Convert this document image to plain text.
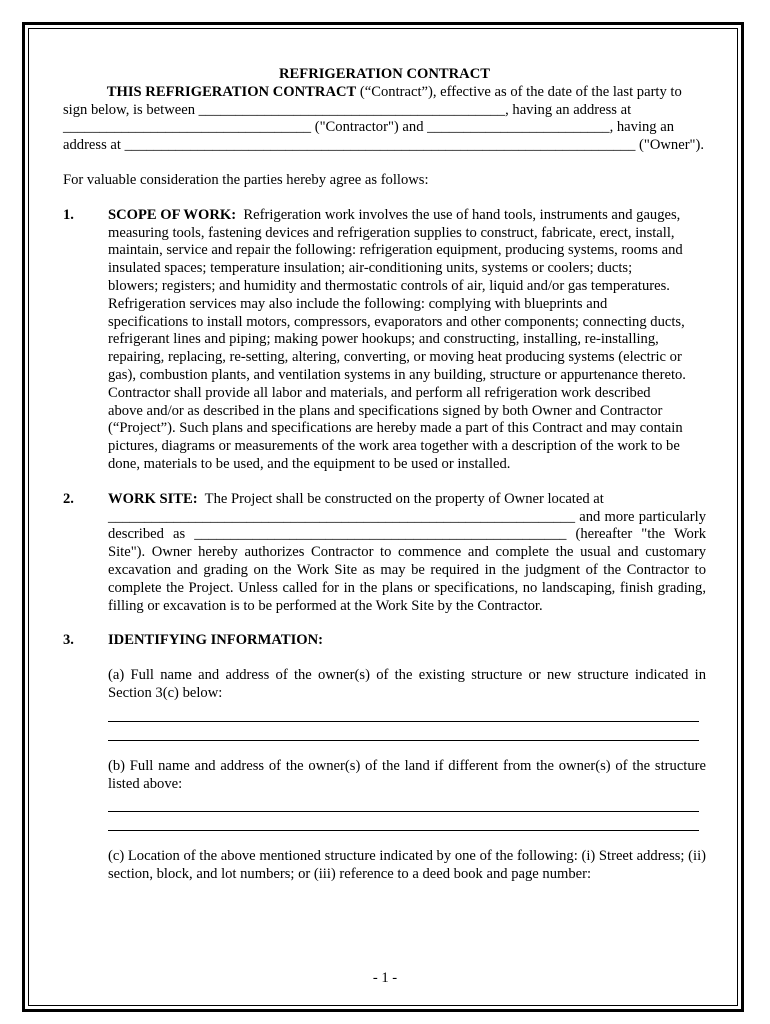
REFRIGERATION CONTRACT

THIS REFRIGERATION CONTRACT (“Contract”), effective as of the date of the last party to

sign below, is between __________________________________________, having an address at

__________________________________ ("Contractor") and _________________________, having an

address at ______________________________________________________________________ ("Owner").

For valuable consideration the parties hereby agree as follows:

1.	SCOPE OF WORK: Refrigeration work involves the use of hand tools, instruments and gauges,

measuring tools, fastening devices and refrigeration supplies to construct, fabricate, erect, install,

maintain, service and repair the following: refrigeration equipment, producing systems, rooms and

insulated spaces; temperature insulation; air-conditioning units, systems or coolers; ducts;

blowers; registers; and humidity and thermostatic controls of air, liquid and/or gas temperatures.

Refrigeration services may also include the following: complying with blueprints and

specifications to install motors, compressors, evaporators and other components; connecting ducts,

refrigerant lines and piping; making power hookups; and constructing, installing, re-installing,

repairing, replacing, re-setting, altering, converting, or moving heat producing systems (electric or

gas), combustion plants, and ventilation systems in any building, structure or appurtenance thereto.

Contractor shall provide all labor and materials, and perform all refrigeration work described

above and/or as described in the plans and specifications signed by both Owner and Contractor

(“Project”). Such plans and specifications are hereby made a part of this Contract and may contain

pictures, diagrams or measurements of the work area together with a description of the work to be

done, materials to be used, and the equipment to be used or installed.

2.	WORK SITE: The Project shall be constructed on the property of Owner located at

________________________________________________________________ and more particularly described as ___________________________________________________ (hereafter "the Work Site"). Owner hereby authorizes Contractor to commence and complete the usual and customary excavation and grading on the Work Site as may be required in the judgment of the Contractor to complete the Project. Unless called for in the plans or specifications, no landscaping, finish grading, filling or excavation is to be performed at the Work Site by the Contractor.

3.	IDENTIFYING INFORMATION:

(a) Full name and address of the owner(s) of the existing structure or new structure indicated in Section 3(c) below:

(b) Full name and address of the owner(s) of the land if different from the owner(s) of the structure listed above:

(c) Location of the above mentioned structure indicated by one of the following: (i) Street address; (ii) section, block, and lot numbers; or (iii) reference to a deed book and page number:

- 1 -
